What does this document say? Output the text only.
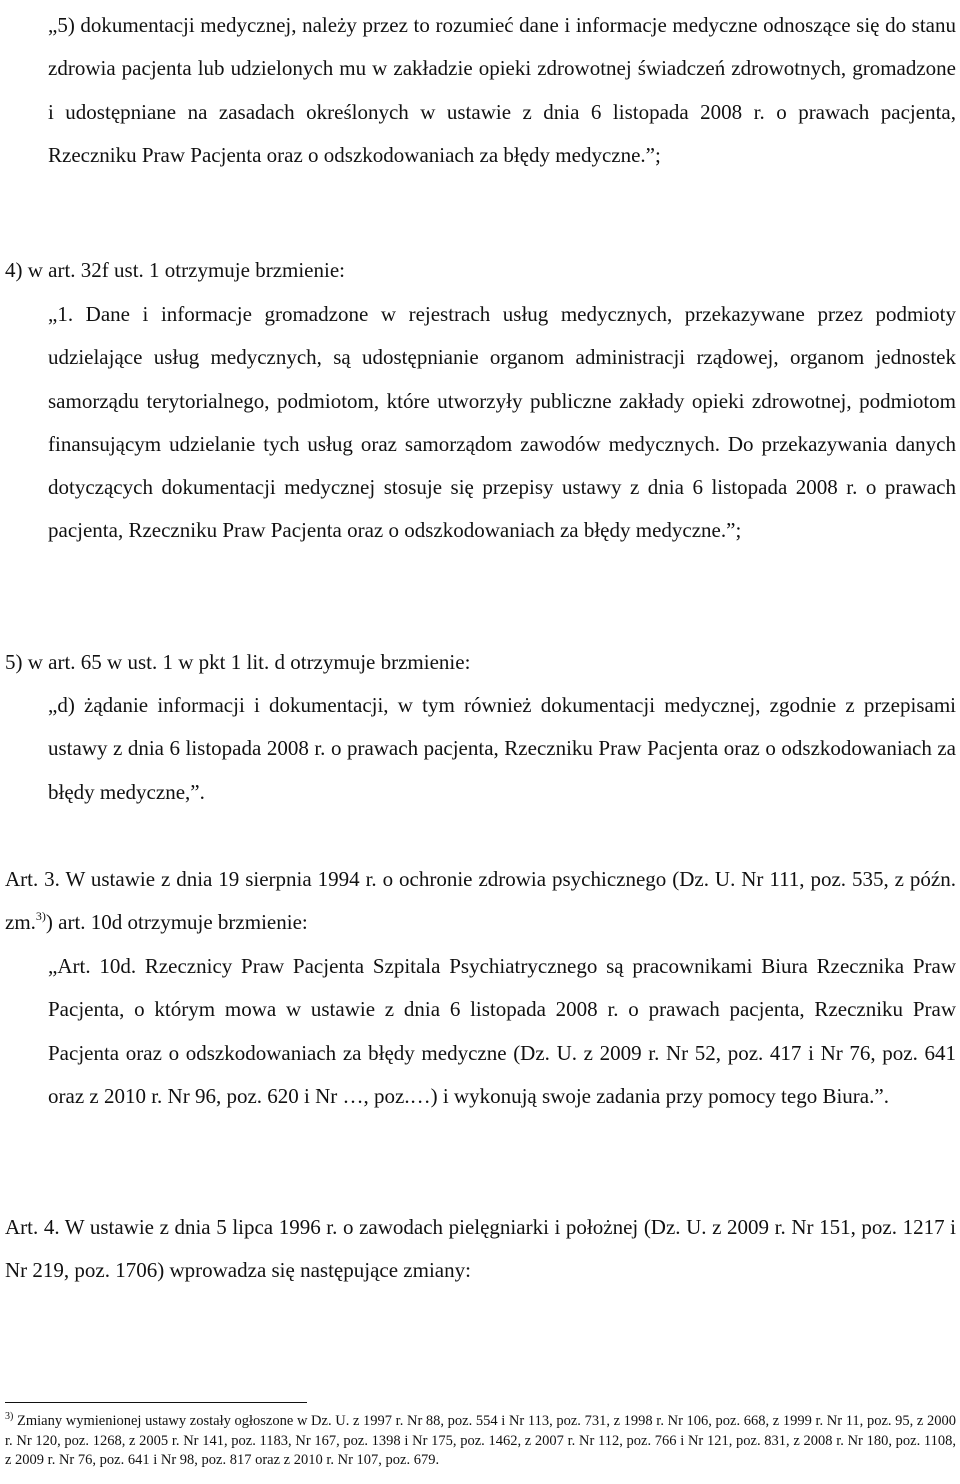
„5) dokumentacji medycznej, należy przez to rozumieć dane i informacje medyczne odnoszące się do stanu zdrowia pacjenta lub udzielonych mu w zakładzie opieki zdrowotnej świadczeń zdrowotnych, gromadzone i udostępniane na zasadach określonych w ustawie z dnia 6 listopada 2008 r. o prawach pacjenta, Rzeczniku Praw Pacjenta oraz o odszkodowaniach za błędy medyczne.”;

4) w art. 32f ust. 1 otrzymuje brzmienie:

„1. Dane i informacje gromadzone w rejestrach usług medycznych, przekazywane przez podmioty udzielające usług medycznych, są udostępnianie organom administracji rządowej, organom jednostek samorządu terytorialnego, podmiotom, które utworzyły publiczne zakłady opieki zdrowotnej, podmiotom finansującym udzielanie tych usług oraz samorządom zawodów medycznych. Do przekazywania danych dotyczących dokumentacji medycznej stosuje się przepisy ustawy z dnia 6 listopada 2008 r. o prawach pacjenta, Rzeczniku Praw Pacjenta oraz o odszkodowaniach za błędy medyczne.”;

5) w art. 65 w ust. 1 w pkt 1 lit. d otrzymuje brzmienie:

„d) żądanie informacji i dokumentacji, w tym również dokumentacji medycznej, zgodnie z przepisami ustawy z dnia 6 listopada 2008 r. o prawach pacjenta, Rzeczniku Praw Pacjenta oraz o odszkodowaniach za błędy medyczne,”.

Art. 3. W ustawie z dnia 19 sierpnia 1994 r. o ochronie zdrowia psychicznego (Dz. U. Nr 111, poz. 535, z późn. zm.$^{3)}$) art. 10d otrzymuje brzmienie:

„Art. 10d. Rzecznicy Praw Pacjenta Szpitala Psychiatrycznego są pracownikami Biura Rzecznika Praw Pacjenta, o którym mowa w ustawie z dnia 6 listopada 2008 r. o prawach pacjenta, Rzeczniku Praw Pacjenta oraz o odszkodowaniach za błędy medyczne (Dz. U. z 2009 r. Nr 52, poz. 417 i Nr 76, poz. 641 oraz z 2010 r. Nr 96, poz. 620 i Nr …, poz.…) i wykonują swoje zadania przy pomocy tego Biura.”.

Art. 4. W ustawie z dnia 5 lipca 1996 r. o zawodach pielęgniarki i położnej (Dz. U. z 2009 r. Nr 151, poz. 1217 i Nr 219, poz. 1706) wprowadza się następujące zmiany:

$^{3)}$ Zmiany wymienionej ustawy zostały ogłoszone w Dz. U. z 1997 r. Nr 88, poz. 554 i Nr 113, poz. 731, z 1998 r. Nr 106, poz. 668, z 1999 r. Nr 11, poz. 95, z 2000 r. Nr 120, poz. 1268, z 2005 r. Nr 141, poz. 1183, Nr 167, poz. 1398 i Nr 175, poz. 1462, z 2007 r. Nr 112, poz. 766 i Nr 121, poz. 831, z 2008 r. Nr 180, poz. 1108, z 2009 r. Nr 76, poz. 641 i Nr 98, poz. 817 oraz z 2010 r. Nr 107, poz. 679.
